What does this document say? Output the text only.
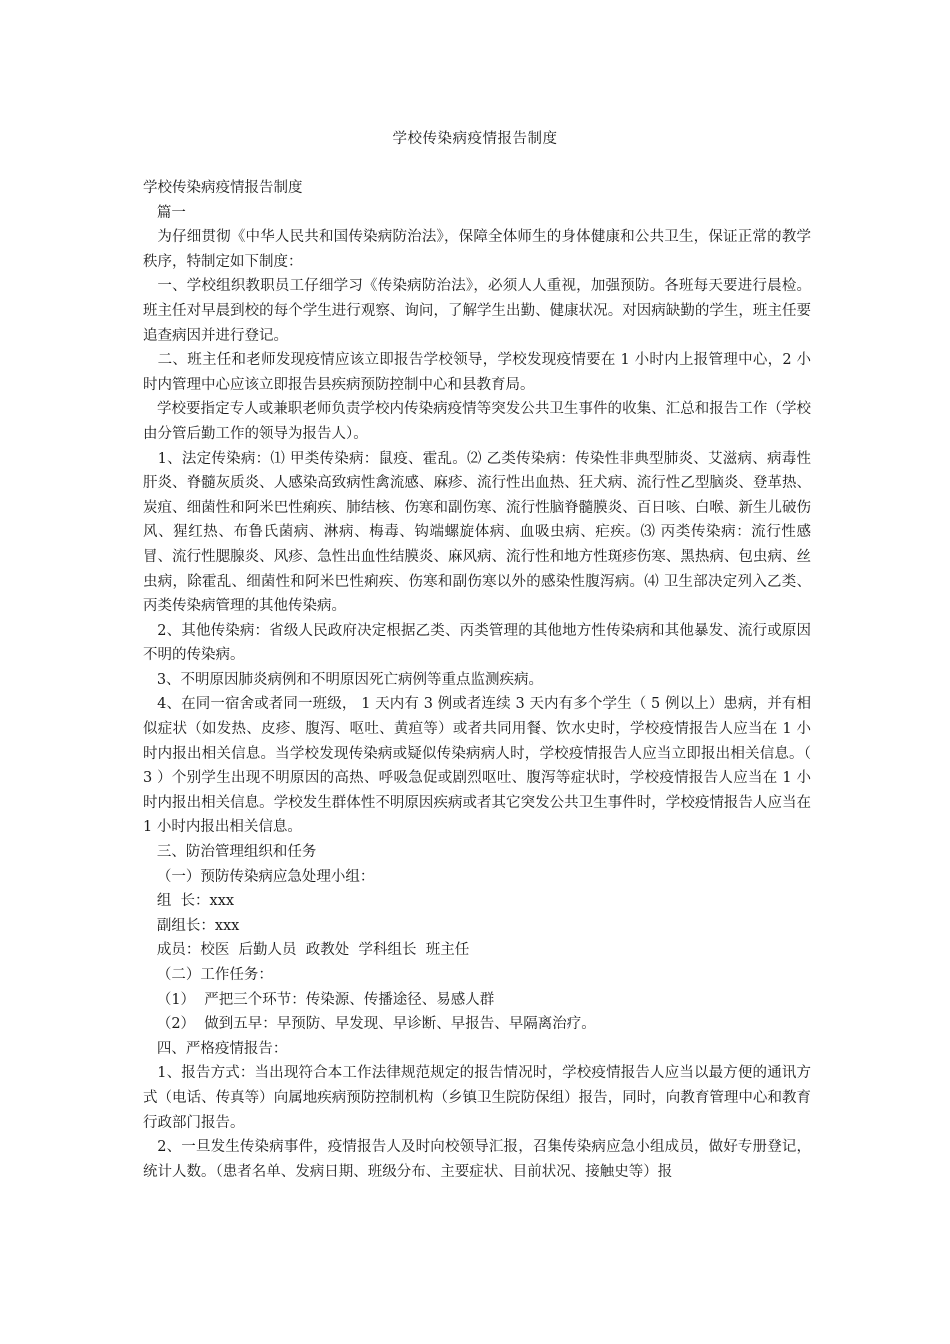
学校传染病疫情报告制度

学校传染病疫情报告制度

篇一

为仔细贯彻《中华人民共和国传染病防治法》，保障全体师生的身体健康和公共卫生，保证正常的教学秩序，特制定如下制度：

一、学校组织教职员工仔细学习《传染病防治法》，必须人人重视，加强预防。各班每天要进行晨检。班主任对早晨到校的每个学生进行观察、询问，了解学生出勤、健康状况。对因病缺勤的学生，班主任要追查病因并进行登记。

二、班主任和老师发现疫情应该立即报告学校领导，学校发现疫情要在 1 小时内上报管理中心，2 小时内管理中心应该立即报告县疾病预防控制中心和县教育局。

学校要指定专人或兼职老师负责学校内传染病疫情等突发公共卫生事件的收集、汇总和报告工作（学校由分管后勤工作的领导为报告人）。

1、法定传染病：⑴ 甲类传染病：鼠疫、霍乱。⑵ 乙类传染病：传染性非典型肺炎、艾滋病、病毒性肝炎、脊髓灰质炎、人感染高致病性禽流感、麻疹、流行性出血热、狂犬病、流行性乙型脑炎、登革热、炭疽、细菌性和阿米巴性痢疾、肺结核、伤寒和副伤寒、流行性脑脊髓膜炎、百日咳、白喉、新生儿破伤风、猩红热、布鲁氏菌病、淋病、梅毒、钩端螺旋体病、血吸虫病、疟疾。⑶ 丙类传染病：流行性感冒、流行性腮腺炎、风疹、急性出血性结膜炎、麻风病、流行性和地方性斑疹伤寒、黑热病、包虫病、丝虫病，除霍乱、细菌性和阿米巴性痢疾、伤寒和副伤寒以外的感染性腹泻病。⑷ 卫生部决定列入乙类、丙类传染病管理的其他传染病。

2、其他传染病：省级人民政府决定根据乙类、丙类管理的其他地方性传染病和其他暴发、流行或原因不明的传染病。

3、不明原因肺炎病例和不明原因死亡病例等重点监测疾病。

4、在同一宿舍或者同一班级， 1 天内有 3 例或者连续 3 天内有多个学生（ 5 例以上）患病，并有相似症状（如发热、皮疹、腹泻、呕吐、黄疸等）或者共同用餐、饮水史时，学校疫情报告人应当在 1 小时内报出相关信息。当学校发现传染病或疑似传染病病人时，学校疫情报告人应当立即报出相关信息。（ 3 ）个别学生出现不明原因的高热、呼吸急促或剧烈呕吐、腹泻等症状时，学校疫情报告人应当在 1 小时内报出相关信息。学校发生群体性不明原因疾病或者其它突发公共卫生事件时，学校疫情报告人应当在 1 小时内报出相关信息。

三、防治管理组织和任务

（一）预防传染病应急处理小组：

组  长：xxx

副组长：xxx

成员：校医  后勤人员  政教处  学科组长  班主任

（二）工作任务：

（1）  严把三个环节：传染源、传播途径、易感人群

（2）  做到五早：早预防、早发现、早诊断、早报告、早隔离治疗。

四、严格疫情报告：

1、报告方式：当出现符合本工作法律规范规定的报告情况时，学校疫情报告人应当以最方便的通讯方式（电话、传真等）向属地疾病预防控制机构（乡镇卫生院防保组）报告，同时，向教育管理中心和教育行政部门报告。

2、一旦发生传染病事件，疫情报告人及时向校领导汇报，召集传染病应急小组成员，做好专册登记，统计人数。（患者名单、发病日期、班级分布、主要症状、目前状况、接触史等）报
